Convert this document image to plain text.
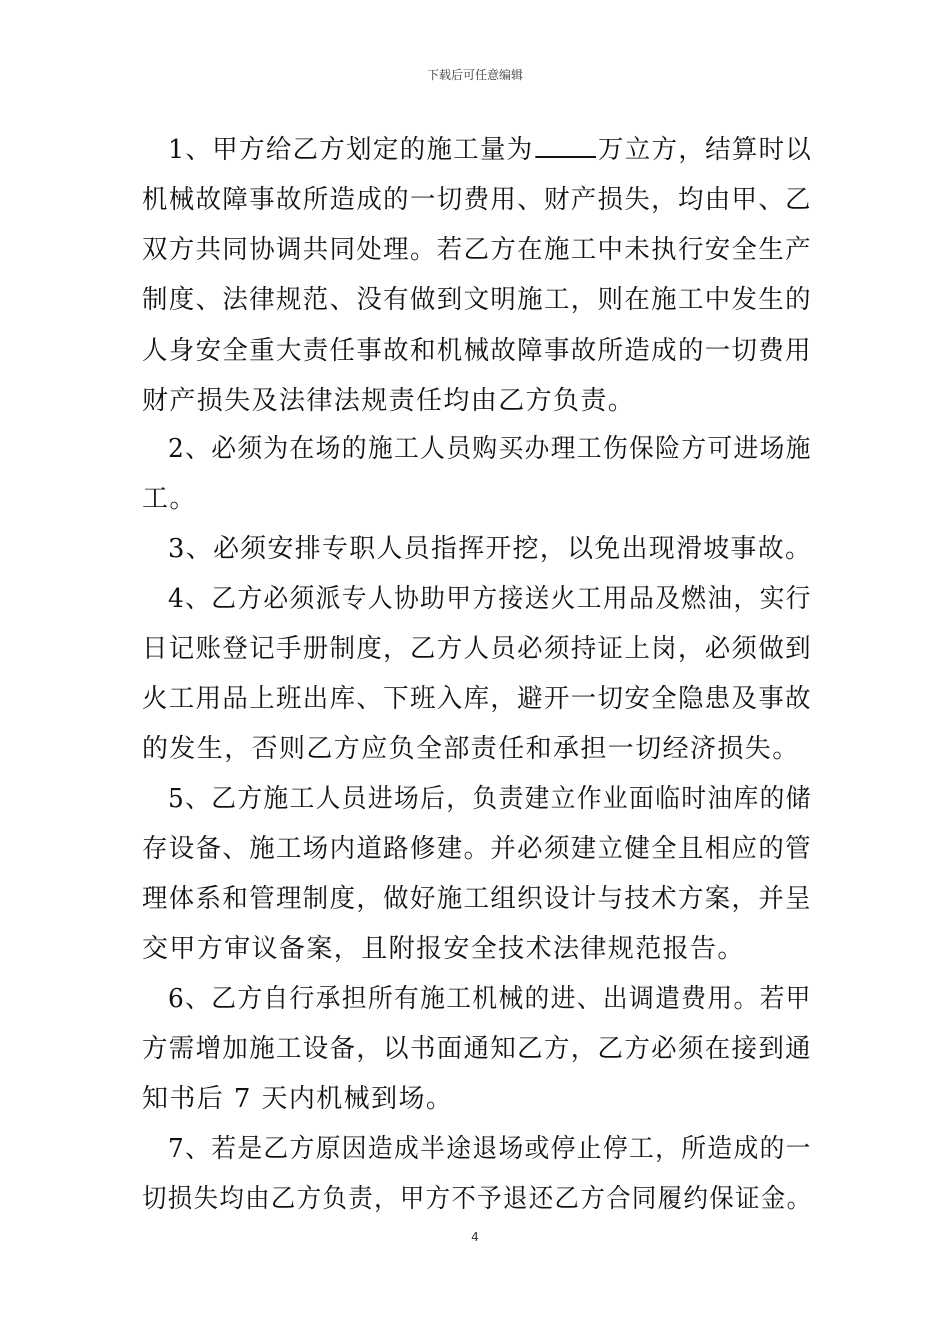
下载后可任意编辑
1、甲方给乙方划定的施工量为 万立方，结算时以
机械故障事故所造成的一切费用、财产损失，均由甲、乙
双方共同协调共同处理。若乙方在施工中未执行安全生产
制度、法律规范、没有做到文明施工，则在施工中发生的
人身安全重大责任事故和机械故障事故所造成的一切费用
财产损失及法律法规责任均由乙方负责。
2、必须为在场的施工人员购买办理工伤保险方可进场施
工。
3、必须安排专职人员指挥开挖，以免出现滑坡事故。
4、乙方必须派专人协助甲方接送火工用品及燃油，实行
日记账登记手册制度，乙方人员必须持证上岗，必须做到
火工用品上班出库、下班入库，避开一切安全隐患及事故
的发生，否则乙方应负全部责任和承担一切经济损失。
5、乙方施工人员进场后，负责建立作业面临时油库的储
存设备、施工场内道路修建。并必须建立健全且相应的管
理体系和管理制度，做好施工组织设计与技术方案，并呈
交甲方审议备案，且附报安全技术法律规范报告。
6、乙方自行承担所有施工机械的进、出调遣费用。若甲
方需增加施工设备，以书面通知乙方，乙方必须在接到通
知书后 7 天内机械到场。
7、若是乙方原因造成半途退场或停止停工，所造成的一
切损失均由乙方负责，甲方不予退还乙方合同履约保证金。
4
